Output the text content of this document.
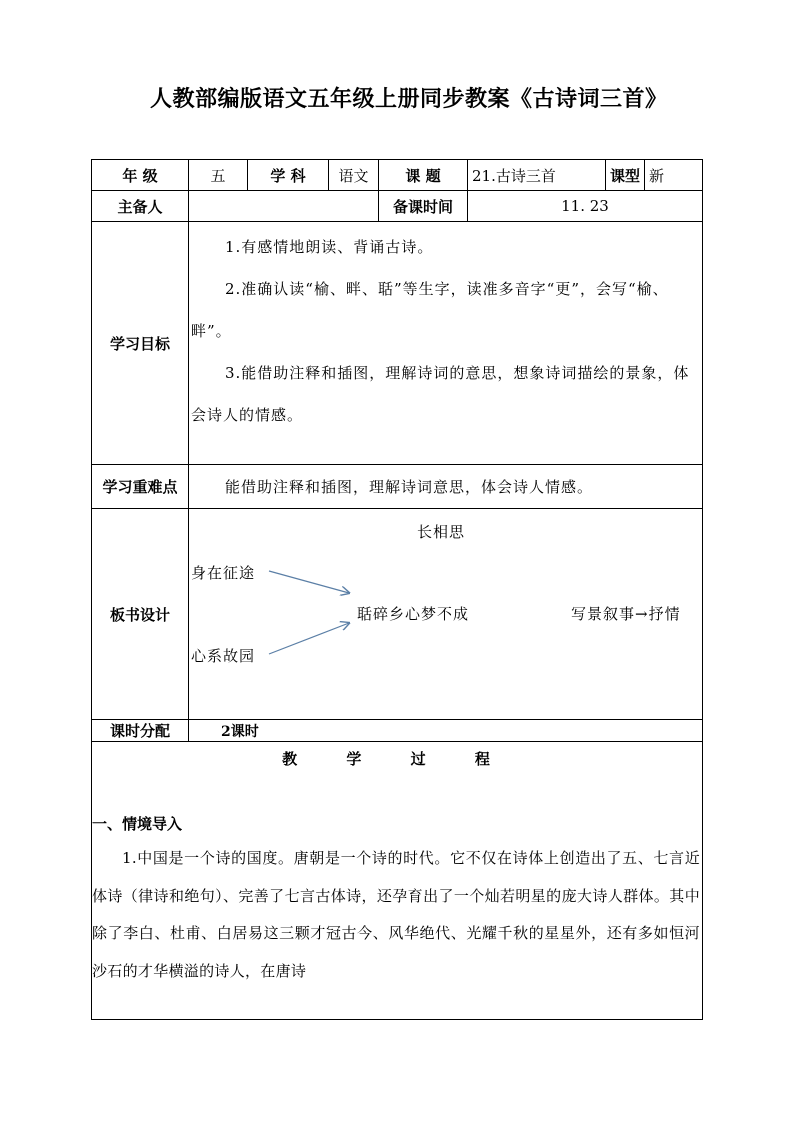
人教部编版语文五年级上册同步教案《古诗词三首》
年 级	五	学 科	语文	课 题	21.古诗三首	课型	新
主备人				备课时间	11. 23		
学习目标	1.有感情地朗读、背诵古诗。

2.准确认读“榆、畔、聒”等生字，读准多音字“更”，会写“榆、畔”。

3.能借助注释和插图，理解诗词的意思，想象诗词描绘的景象，体会诗人的情感。						

学习重难点	能借助注释和插图，理解诗词意思，体会诗人情感。						
板书设计	长相思
身在征途
心系故园
聒碎乡心梦不成 写景叙事→抒情						

课时分配	2课时						
教 学 过 程							

一、情境导入

1.中国是一个诗的国度。唐朝是一个诗的时代。它不仅在诗体上创造出了五、七言近体诗（律诗和绝句）、完善了七言古体诗，还孕育出了一个灿若明星的庞大诗人群体。其中除了李白、杜甫、白居易这三颗才冠古今、风华绝代、光耀千秋的星星外，还有多如恒河沙石的才华横溢的诗人，在唐诗							
